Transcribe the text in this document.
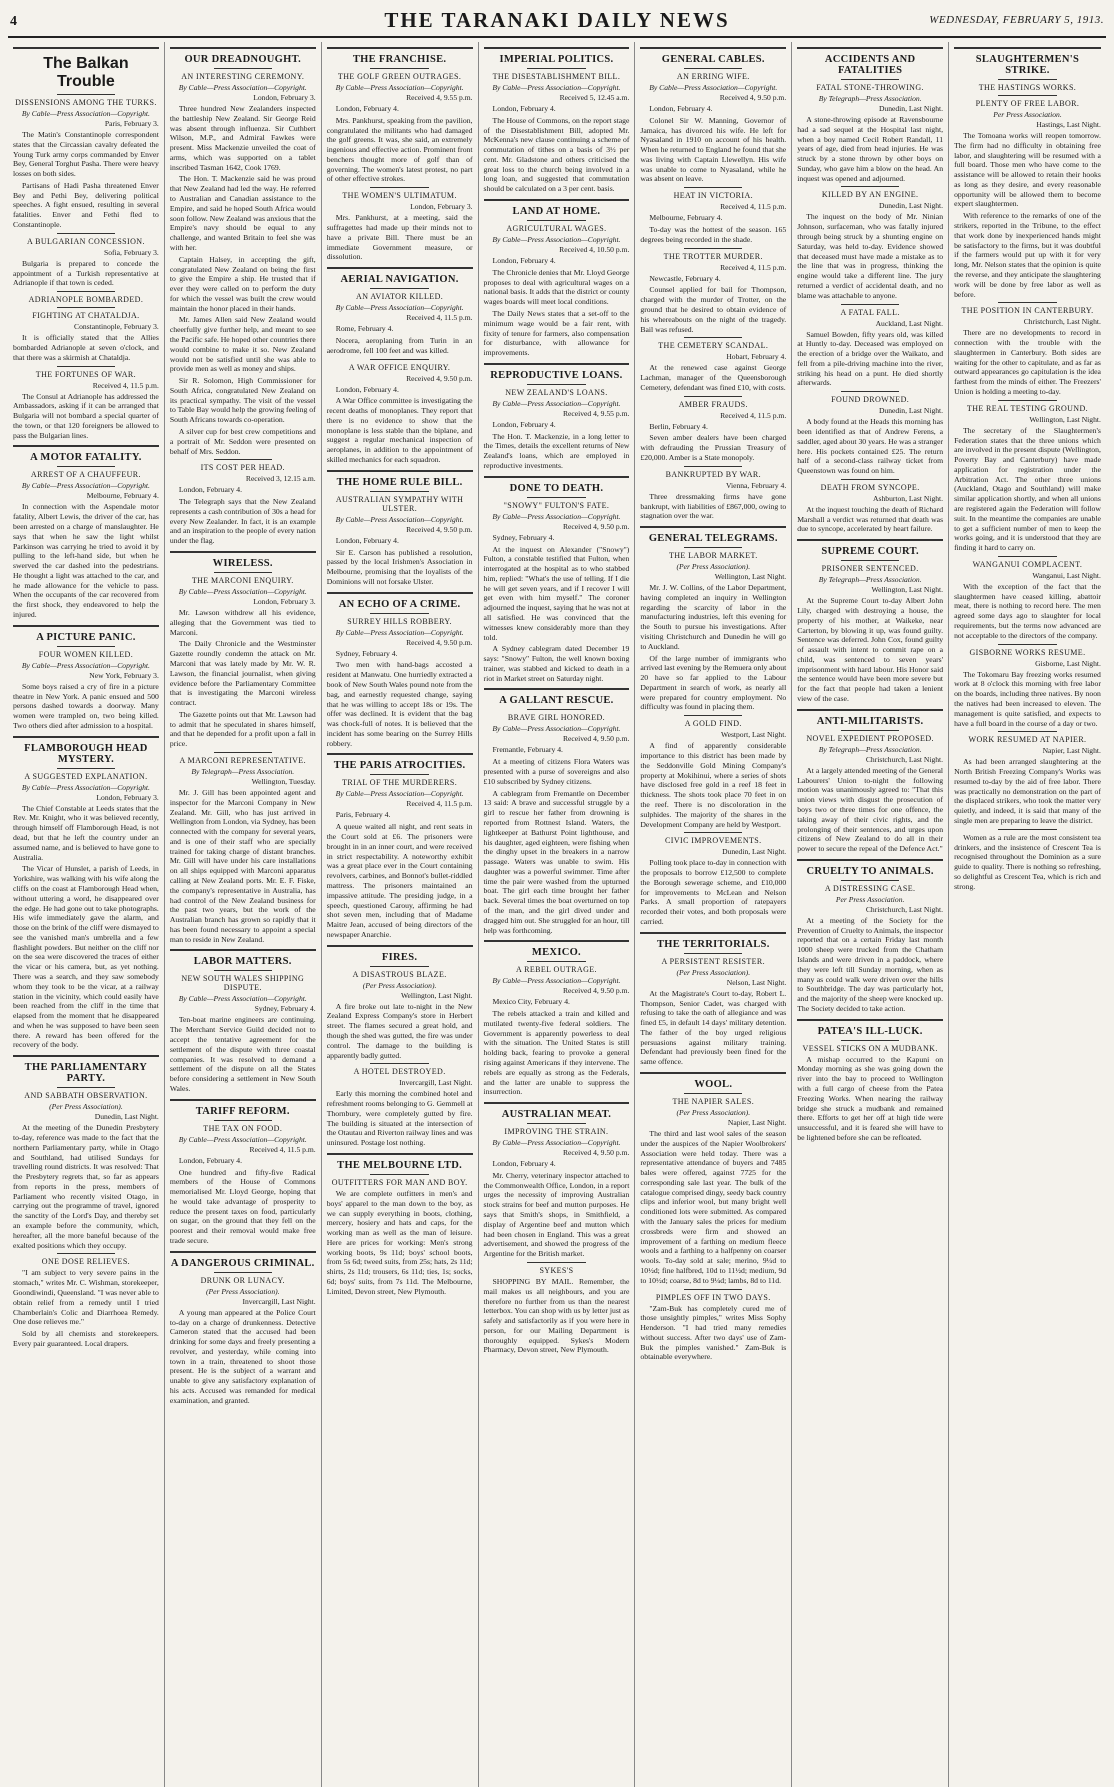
4	THE TARANAKI DAILY NEWS	WEDNESDAY, FEBRUARY 5, 1913.
The Balkan Trouble
DISSENSIONS AMONG THE TURKS.
By Cable—Press Association—Copyright.
Paris, February 3.

The Matin's Constantinople correspondent states that the Circassian cavalry defeated the Young Turk army corps commanded by Enver Bey, General Torghut Pasha. There were heavy losses on both sides.

Partisans of Hadi Pasha threatened Enver Bey and Pethi Bey, delivering political speeches. A fight ensued, resulting in several fatalities. Enver and Fethi fled to Constantinople.

A BULGARIAN CONCESSION.
Sofia, February 3.

Bulgaria is prepared to concede the appointment of a Turkish representative at Adrianople if that town is ceded.

ADRIANOPLE BOMBARDED.
FIGHTING AT CHATALDJA.
Constantinople, February 3.

It is officially stated that the Allies bombarded Adrianople at seven o'clock, and that there was a skirmish at Chataldja.

THE FORTUNES OF WAR.
Received 4, 11.5 p.m.

The Consul at Adrianople has addressed the Ambassadors, asking if it can be arranged that Bulgaria will not bombard a special quarter of the town, or that 120 foreigners be allowed to pass the Bulgarian lines.

A MOTOR FATALITY.
ARREST OF A CHAUFFEUR.
By Cable—Press Association—Copyright.
Melbourne, February 4.

In connection with the Aspendale motor fatality, Albert Lewis, the driver of the car, has been arrested on a charge of manslaughter. He says that when he saw the light whilst Parkinson was carrying he tried to avoid it by pulling to the left-hand side, but when he swerved the car dashed into the pedestrians. He thought a light was attached to the car, and he made allowance for the vehicle to pass. When the occupants of the car recovered from the first shock, they endeavored to help the injured.

A PICTURE PANIC.
FOUR WOMEN KILLED.
By Cable—Press Association—Copyright.
New York, February 3.

Some boys raised a cry of fire in a picture theatre in New York. A panic ensued and 500 persons dashed towards a doorway. Many women were trampled on, two being killed. Two others died after admission to a hospital.

FLAMBOROUGH HEAD MYSTERY.
A SUGGESTED EXPLANATION.
By Cable—Press Association—Copyright.
London, February 3.

The Chief Constable at Leeds states that the Rev. Mr. Knight, who it was believed recently, through himself off Flamborough Head, is not dead, but that he left the country under an assumed name, and is believed to have gone to Australia.

The Vicar of Hunslet, a parish of Leeds, in Yorkshire, was walking with his wife along the cliffs on the coast at Flamborough Head when, without uttering a word, he disappeared over the edge. He had gone out to take photographs. His wife immediately gave the alarm, and those on the brink of the cliff were dismayed to see the vanished man's umbrella and a few flashlight powders. But neither on the cliff nor on the sea were discovered the traces of either the vicar or his camera, but, as yet nothing. There was a search, and they saw somebody whom they took to be the vicar, at a railway station in the vicinity, which could easily have been reached from the cliff in the time that elapsed from the moment that he disappeared and when he was supposed to have been seen there. A reward has been offered for the recovery of the body.

THE PARLIAMENTARY PARTY.
AND SABBATH OBSERVATION.
(Per Press Association).
Dunedin, Last Night.

At the meeting of the Dunedin Presbytery to-day, reference was made to the fact that the northern Parliamentary party, while in Otago and Southland, had utilised Sundays for travelling round districts. It was resolved: That the Presbytery regrets that, so far as appears from reports in the press, members of Parliament who recently visited Otago, in carrying out the programme of travel, ignored the sanctity of the Lord's Day, and thereby set an example before the community, which, hereafter, all the more baneful because of the exalted positions which they occupy.

ONE DOSE RELIEVES.

"I am subject to very severe pains in the stomach," writes Mr. C. Wishman, storekeeper, Goondiwindi, Queensland. "I was never able to obtain relief from a remedy until I tried Chamberlain's Colic and Diarrhoea Remedy. One dose relieves me."

Sold by all chemists and storekeepers. Every pair guaranteed. Local drapers.

OUR DREADNOUGHT.
AN INTERESTING CEREMONY.
By Cable—Press Association—Copyright.
London, February 3.

Three hundred New Zealanders inspected the battleship New Zealand. Sir George Reid was absent through influenza. Sir Cuthbert Wilson, M.P., and Admiral Fawkes were present. Miss Mackenzie unveiled the coat of arms, which was supported on a tablet inscribed Tasman 1642, Cook 1769.

The Hon. T. Mackenzie said he was proud that New Zealand had led the way. He referred to Australian and Canadian assistance to the Empire, and said he hoped South Africa would soon follow. New Zealand was anxious that the Empire's navy should be equal to any challenge, and wanted Britain to feel she was with her.

Captain Halsey, in accepting the gift, congratulated New Zealand on being the first to give the Empire a ship. He trusted that if ever they were called on to perform the duty for which the vessel was built the crew would maintain the honor placed in their hands.

Mr. James Allen said New Zealand would cheerfully give further help, and meant to see the Pacific safe. He hoped other countries there would combine to make it so. New Zealand would not be satisfied until she was able to provide men as well as money and ships.

Sir R. Solomon, High Commissioner for South Africa, congratulated New Zealand on its practical sympathy. The visit of the vessel to Table Bay would help the growing feeling of South Africans towards co-operation.

A silver cup for best crew competitions and a portrait of Mr. Seddon were presented on behalf of Mrs. Seddon.

ITS COST PER HEAD.
Received 3, 12.15 a.m.

London, February 4.

The Telegraph says that the New Zealand represents a cash contribution of 30s a head for every New Zealander. In fact, it is an example and an inspiration to the people of every nation under the flag.

WIRELESS.
THE MARCONI ENQUIRY.
By Cable—Press Association—Copyright.
London, February 3.

Mr. Lawson withdrew all his evidence, alleging that the Government was tied to Marconi.

The Daily Chronicle and the Westminster Gazette roundly condemn the attack on Mr. Marconi that was lately made by Mr. W. R. Lawson, the financial journalist, when giving evidence before the Parliamentary Committee that is investigating the Marconi wireless contract.

The Gazette points out that Mr. Lawson had to admit that he speculated in shares himself, and that he depended for a profit upon a fall in price.

A MARCONI REPRESENTATIVE.
By Telegraph—Press Association.
Wellington, Tuesday.

Mr. J. Gill has been appointed agent and inspector for the Marconi Company in New Zealand. Mr. Gill, who has just arrived in Wellington from London, via Sydney, has been connected with the company for several years, and is one of their staff who are specially trained for taking charge of distant branches. Mr. Gill will have under his care installations on all ships equipped with Marconi apparatus calling at New Zealand ports. Mr. E. F. Fiske, the company's representative in Australia, has had control of the New Zealand business for the past two years, but the work of the Australian branch has grown so rapidly that it has been found necessary to appoint a special man to reside in New Zealand.

LABOR MATTERS.
NEW SOUTH WALES SHIPPING DISPUTE.
By Cable—Press Association—Copyright.
Sydney, February 4.

Ten-boat marine engineers are continuing. The Merchant Service Guild decided not to accept the tentative agreement for the settlement of the dispute with three coastal companies. It was resolved to demand a settlement of the dispute on all the States before considering a settlement in New South Wales.

TARIFF REFORM.
THE TAX ON FOOD.
By Cable—Press Association—Copyright.
Received 4, 11.5 p.m.

London, February 4.

One hundred and fifty-five Radical members of the House of Commons memorialised Mr. Lloyd George, hoping that he would take advantage of prosperity to reduce the present taxes on food, particularly on sugar, on the ground that they fell on the poorest and their removal would make free trade secure.

A DANGEROUS CRIMINAL.
DRUNK OR LUNACY.
(Per Press Association).
Invercargill, Last Night.

A young man appeared at the Police Court to-day on a charge of drunkenness. Detective Cameron stated that the accused had been drinking for some days and freely presenting a revolver, and yesterday, while coming into town in a train, threatened to shoot those present. He is the subject of a warrant and unable to give any satisfactory explanation of his acts. Accused was remanded for medical examination, and granted.

THE FRANCHISE.
THE GOLF GREEN OUTRAGES.
By Cable—Press Association—Copyright.
Received 4, 9.55 p.m.

London, February 4.

Mrs. Pankhurst, speaking from the pavilion, congratulated the militants who had damaged the golf greens. It was, she said, an extremely ingenious and effective action. Prominent front benchers thought more of golf than of governing. The women's latest protest, no part of other effective strokes.

THE WOMEN'S ULTIMATUM.
London, February 3.

Mrs. Pankhurst, at a meeting, said the suffragettes had made up their minds not to have a private Bill. There must be an immediate Government measure, or dissolution.

AERIAL NAVIGATION.
AN AVIATOR KILLED.
By Cable—Press Association—Copyright.
Received 4, 11.5 p.m.

Rome, February 4.

Nocera, aeroplaning from Turin in an aerodrome, fell 100 feet and was killed.

A WAR OFFICE ENQUIRY.
Received 4, 9.50 p.m.

London, February 4.

A War Office committee is investigating the recent deaths of monoplanes. They report that there is no evidence to show that the monoplane is less stable than the biplane, and suggest a regular mechanical inspection of aeroplanes, in addition to the appointment of skilled mechanics for each squadron.

THE HOME RULE BILL.
AUSTRALIAN SYMPATHY WITH ULSTER.
By Cable—Press Association—Copyright.
Received 4, 9.50 p.m.

London, February 4.

Sir E. Carson has published a resolution, passed by the local Irishmen's Association in Melbourne, promising that the loyalists of the Dominions will not forsake Ulster.

AN ECHO OF A CRIME.
SURREY HILLS ROBBERY.
By Cable—Press Association—Copyright.
Received 4, 9.50 p.m.

Sydney, February 4.

Two men with hand-bags accosted a resident at Manwatu. One hurriedly extracted a book of New South Wales pound note from the bag, and earnestly requested change, saying that he was willing to accept 18s or 19s. The offer was declined. It is evident that the bag was chock-full of notes. It is believed that the incident has some bearing on the Surrey Hills robbery.

THE PARIS ATROCITIES.
TRIAL OF THE MURDERERS.
By Cable—Press Association—Copyright.
Received 4, 11.5 p.m.

Paris, February 4.

A queue waited all night, and rent seats in the Court sold at £6. The prisoners were brought in in an inner court, and were received in strict respectability. A noteworthy exhibit was a great place ever in the Court containing revolvers, carbines, and Bonnot's bullet-riddled mattress. The prisoners maintained an impassive attitude. The presiding judge, in a speech, questioned Carouy, affirming he had shot seven men, including that of Madame Maitre Jean, accused of being directors of the newspaper Anarchie.

FIRES.
A DISASTROUS BLAZE.
(Per Press Association).
Wellington, Last Night.

A fire broke out late to-night in the New Zealand Express Company's store in Herbert street. The flames secured a great hold, and though the shed was gutted, the fire was under control. The damage to the building is apparently badly gutted.

A HOTEL DESTROYED.
Invercargill, Last Night.

Early this morning the combined hotel and refreshment rooms belonging to G. Gemmell at Thornbury, were completely gutted by fire. The building is situated at the intersection of the Otautau and Riverton railway lines and was uninsured. Postage lost nothing.

THE MELBOURNE LTD.
OUTFITTERS FOR MAN AND BOY.

We are complete outfitters in men's and boys' apparel to the man down to the boy, as we can supply everything in boots, clothing, mercery, hosiery and hats and caps, for the working man as well as the man of leisure. Here are prices for working: Men's strong working boots, 9s 11d; boys' school boots, from 5s 6d; tweed suits, from 25s; hats, 2s 11d; shirts, 2s 11d; trousers, 6s 11d; ties, 1s; socks, 6d; boys' suits, from 7s 11d. The Melbourne, Limited, Devon street, New Plymouth.

IMPERIAL POLITICS.
THE DISESTABLISHMENT BILL.
By Cable—Press Association—Copyright.
Received 5, 12.45 a.m.

London, February 4.

The House of Commons, on the report stage of the Disestablishment Bill, adopted Mr. McKenna's new clause continuing a scheme of commutation of tithes on a basis of 3½ per cent. Mr. Gladstone and others criticised the great loss to the church being involved in a long loan, and suggested that commutation should be calculated on a 3 per cent. basis.

LAND AT HOME.
AGRICULTURAL WAGES.
By Cable—Press Association—Copyright.
Received 4, 10.50 p.m.

London, February 4.

The Chronicle denies that Mr. Lloyd George proposes to deal with agricultural wages on a national basis. It adds that the district or county wages boards will meet local conditions.

The Daily News states that a set-off to the minimum wage would be a fair rent, with fixity of tenure for farmers, also compensation for disturbance, with allowance for improvements.

REPRODUCTIVE LOANS.
NEW ZEALAND'S LOANS.
By Cable—Press Association—Copyright.
Received 4, 9.55 p.m.

London, February 4.

The Hon. T. Mackenzie, in a long letter to the Times, details the excellent returns of New Zealand's loans, which are employed in reproductive investments.

DONE TO DEATH.
"SNOWY" FULTON'S FATE.
By Cable—Press Association—Copyright.
Received 4, 9.50 p.m.

Sydney, February 4.

At the inquest on Alexander ("Snowy") Fulton, a constable testified that Fulton, when interrogated at the hospital as to who stabbed him, replied: "What's the use of telling. If I die he will get seven years, and if I recover I will get even with him myself." The coroner adjourned the inquest, saying that he was not at all satisfied. He was convinced that the witnesses knew considerably more than they told.

A Sydney cablegram dated December 19 says: "Snowy" Fulton, the well known boxing trainer, was stabbed and kicked to death in a riot in Market street on Saturday night.

A GALLANT RESCUE.
BRAVE GIRL HONORED.
By Cable—Press Association—Copyright.
Received 4, 9.50 p.m.

Fremantle, February 4.

At a meeting of citizens Flora Waters was presented with a purse of sovereigns and also £10 subscribed by Sydney citizens.

A cablegram from Fremantle on December 13 said: A brave and successful struggle by a girl to rescue her father from drowning is reported from Rottnest Island. Waters, the lightkeeper at Bathurst Point lighthouse, and his daughter, aged eighteen, were fishing when the dinghy upset in the breakers in a narrow passage. Waters was unable to swim. His daughter was a powerful swimmer. Time after time the pair were washed from the upturned boat. The girl each time brought her father back. Several times the boat overturned on top of the man, and the girl dived under and dragged him out. She struggled for an hour, till help was forthcoming.

MEXICO.
A REBEL OUTRAGE.
By Cable—Press Association—Copyright.
Received 4, 9.50 p.m.

Mexico City, February 4.

The rebels attacked a train and killed and mutilated twenty-five federal soldiers. The Government is apparently powerless to deal with the situation. The United States is still holding back, fearing to provoke a general rising against Americans if they intervene. The rebels are equally as strong as the Federals, and the latter are unable to suppress the insurrection.

AUSTRALIAN MEAT.
IMPROVING THE STRAIN.
By Cable—Press Association—Copyright.
Received 4, 9.50 p.m.

London, February 4.

Mr. Cherry, veterinary inspector attached to the Commonwealth Office, London, in a report urges the necessity of improving Australian stock strains for beef and mutton purposes. He says that Smith's shops, in Smithfield, a display of Argentine beef and mutton which had been chosen in England. This was a great advertisement, and showed the progress of the Argentine for the British market.

SYKES'S

SHOPPING BY MAIL. Remember, the mail makes us all neighbours, and you are therefore no further from us than the nearest letterbox. You can shop with us by letter just as safely and satisfactorily as if you were here in person, for our Mailing Department is thoroughly equipped. Sykes's Modern Pharmacy, Devon street, New Plymouth.

GENERAL CABLES.
AN ERRING WIFE.
By Cable—Press Association—Copyright.
Received 4, 9.50 p.m.

London, February 4.

Colonel Sir W. Manning, Governor of Jamaica, has divorced his wife. He left for Nyasaland in 1910 on account of his health. When he returned to England he found that she was living with Captain Llewellyn. His wife was unable to come to Nyasaland, while he was absent on leave.

HEAT IN VICTORIA.
Received 4, 11.5 p.m.

Melbourne, February 4.

To-day was the hottest of the season. 165 degrees being recorded in the shade.

THE TROTTER MURDER.
Received 4, 11.5 p.m.

Newcastle, February 4.

Counsel applied for bail for Thompson, charged with the murder of Trotter, on the ground that he desired to obtain evidence of his whereabouts on the night of the tragedy. Bail was refused.

THE CEMETERY SCANDAL.
Hobart, February 4.

At the renewed case against George Lachman, manager of the Queensborough Cemetery, defendant was fined £10, with costs.

AMBER FRAUDS.
Received 4, 11.5 p.m.

Berlin, February 4.

Seven amber dealers have been charged with defrauding the Prussian Treasury of £20,000. Amber is a State monopoly.

BANKRUPTED BY WAR.
Vienna, February 4.

Three dressmaking firms have gone bankrupt, with liabilities of £867,000, owing to stagnation over the war.

GENERAL TELEGRAMS.
THE LABOR MARKET.
(Per Press Association).
Wellington, Last Night.

Mr. J. W. Collins, of the Labor Department, having completed an inquiry in Wellington regarding the scarcity of labor in the manufacturing industries, left this evening for the South to pursue his investigations. After visiting Christchurch and Dunedin he will go to Auckland.

Of the large number of immigrants who arrived last evening by the Remuera only about 20 have so far applied to the Labour Department in search of work, as nearly all were prepared for country employment. No difficulty was found in placing them.

A GOLD FIND.
Westport, Last Night.

A find of apparently considerable importance to this district has been made by the Seddonville Gold Mining Company's property at Mokihinui, where a series of shots have disclosed free gold in a reef 18 feet in thickness. The shots took place 70 feet in on the reef. There is no discoloration in the sulphides. The majority of the shares in the Development Company are held by Westport.

CIVIC IMPROVEMENTS.
Dunedin, Last Night.

Polling took place to-day in connection with the proposals to borrow £12,500 to complete the Borough sewerage scheme, and £10,000 for improvements to McLean and Nelson Parks. A small proportion of ratepayers recorded their votes, and both proposals were carried.

THE TERRITORIALS.
A PERSISTENT RESISTER.
(Per Press Association).
Nelson, Last Night.

At the Magistrate's Court to-day, Robert L. Thompson, Senior Cadet, was charged with refusing to take the oath of allegiance and was fined £5, in default 14 days' military detention. The father of the boy urged religious persuasions against military training. Defendant had previously been fined for the same offence.

WOOL.
THE NAPIER SALES.
(Per Press Association).
Napier, Last Night.

The third and last wool sales of the season under the auspices of the Napier Woolbrokers' Association were held today. There was a representative attendance of buyers and 7485 bales were offered, against 7725 for the corresponding sale last year. The bulk of the catalogue comprised dingy, seedy back country clips and inferior wool, but many bright well conditioned lots were submitted. As compared with the January sales the prices for medium crossbreds were firm and showed an improvement of a farthing on medium fleece wools and a farthing to a halfpenny on coarser wools. To-day sold at sale; merino, 9¼d to 10½d; fine halfbred, 10d to 11½d; medium, 9d to 10½d; coarse, 8d to 9¼d; lambs, 8d to 11d.

PIMPLES OFF IN TWO DAYS.

"Zam-Buk has completely cured me of those unsightly pimples," writes Miss Sophy Henderson. "I had tried many remedies without success. After two days' use of Zam-Buk the pimples vanished." Zam-Buk is obtainable everywhere.

ACCIDENTS AND FATALITIES
FATAL STONE-THROWING.
By Telegraph—Press Association.
Dunedin, Last Night.

A stone-throwing episode at Ravensbourne had a sad sequel at the Hospital last night, when a boy named Cecil Robert Randall, 11 years of age, died from head injuries. He was struck by a stone thrown by other boys on Sunday, who gave him a blow on the head. An inquest was opened and adjourned.

KILLED BY AN ENGINE.
Dunedin, Last Night.

The inquest on the body of Mr. Ninian Johnson, surfaceman, who was fatally injured through being struck by a shunting engine on Saturday, was held to-day. Evidence showed that deceased must have made a mistake as to the line that was in progress, thinking the engine would take a different line. The jury returned a verdict of accidental death, and no blame was attachable to anyone.

A FATAL FALL.
Auckland, Last Night.

Samuel Bowden, fifty years old, was killed at Huntly to-day. Deceased was employed on the erection of a bridge over the Waikato, and fell from a pile-driving machine into the river, striking his head on a punt. He died shortly afterwards.

FOUND DROWNED.
Dunedin, Last Night.

A body found at the Heads this morning has been identified as that of Andrew Ferens, a saddler, aged about 30 years. He was a stranger here. His pockets contained £25. The return half of a second-class railway ticket from Queenstown was found on him.

DEATH FROM SYNCOPE.
Ashburton, Last Night.

At the inquest touching the death of Richard Marshall a verdict was returned that death was due to syncope, accelerated by heart failure.

SUPREME COURT.
PRISONER SENTENCED.
By Telegraph—Press Association.
Wellington, Last Night.

At the Supreme Court to-day Albert John Lily, charged with destroying a house, the property of his mother, at Waikeke, near Carterton, by blowing it up, was found guilty. Sentence was deferred. John Cox, found guilty of assault with intent to commit rape on a child, was sentenced to seven years' imprisonment with hard labour. His Honor said the sentence would have been more severe but for the fact that people had taken a lenient view of the case.

ANTI-MILITARISTS.
NOVEL EXPEDIENT PROPOSED.
By Telegraph—Press Association.
Christchurch, Last Night.

At a largely attended meeting of the General Labourers' Union to-night the following motion was unanimously agreed to: "That this union views with disgust the prosecution of boys two or three times for one offence, the taking away of their civic rights, and the prolonging of their sentences, and urges upon citizens of New Zealand to do all in their power to secure the repeal of the Defence Act."

CRUELTY TO ANIMALS.
A DISTRESSING CASE.
Per Press Association.
Christchurch, Last Night.

At a meeting of the Society for the Prevention of Cruelty to Animals, the inspector reported that on a certain Friday last month 1000 sheep were trucked from the Chatham Islands and were driven in a paddock, where they were left till Sunday morning, when as many as could walk were driven over the hills to Southbridge. The day was particularly hot, and the majority of the sheep were knocked up. The Society decided to take action.

PATEA'S ILL-LUCK.
VESSEL STICKS ON A MUDBANK.

A mishap occurred to the Kapuni on Monday morning as she was going down the river into the bay to proceed to Wellington with a full cargo of cheese from the Patea Freezing Works. When nearing the railway bridge she struck a mudbank and remained there. Efforts to get her off at high tide were unsuccessful, and it is feared she will have to be lightened before she can be refloated.

SLAUGHTERMEN'S STRIKE.
THE HASTINGS WORKS.
PLENTY OF FREE LABOR.
Per Press Association.
Hastings, Last Night.

The Tomoana works will reopen tomorrow. The firm had no difficulty in obtaining free labor, and slaughtering will be resumed with a full board. Those men who have come to the assistance will be allowed to retain their hooks as long as they desire, and every reasonable opportunity will be allowed them to become expert slaughtermen.

With reference to the remarks of one of the strikers, reported in the Tribune, to the effect that work done by inexperienced hands might be satisfactory to the firms, but it was doubtful if the farmers would put up with it for very long, Mr. Nelson states that the opinion is quite the reverse, and they anticipate the slaughtering work will be done by free labor as well as before.

THE POSITION IN CANTERBURY.
Christchurch, Last Night.

There are no developments to record in connection with the trouble with the slaughtermen in Canterbury. Both sides are waiting for the other to capitulate, and as far as outward appearances go capitulation is the idea farthest from the minds of either. The Freezers' Union is holding a meeting to-day.

THE REAL TESTING GROUND.
Wellington, Last Night.

The secretary of the Slaughtermen's Federation states that the three unions which are involved in the present dispute (Wellington, Poverty Bay and Canterbury) have made application for registration under the Arbitration Act. The other three unions (Auckland, Otago and Southland) will make similar application shortly, and when all unions are registered again the Federation will follow suit. In the meantime the companies are unable to get a sufficient number of men to keep the works going, and it is understood that they are finding it hard to carry on.

WANGANUI COMPLACENT.
Wanganui, Last Night.

With the exception of the fact that the slaughtermen have ceased killing, abattoir meat, there is nothing to record here. The men agreed some days ago to slaughter for local requirements, but the terms now advanced are not acceptable to the directors of the company.

GISBORNE WORKS RESUME.
Gisborne, Last Night.

The Tokomaru Bay freezing works resumed work at 8 o'clock this morning with free labor on the boards, including three natives. By noon the natives had been increased to eleven. The management is quite satisfied, and expects to have a full board in the course of a day or two.

WORK RESUMED AT NAPIER.
Napier, Last Night.

As had been arranged slaughtering at the North British Freezing Company's Works was resumed to-day by the aid of free labor. There was practically no demonstration on the part of the displaced strikers, who took the matter very quietly, and indeed, it is said that many of the single men are preparing to leave the district.

Women as a rule are the most consistent tea drinkers, and the insistence of Crescent Tea is recognised throughout the Dominion as a sure guide to quality. There is nothing so refreshing, so delightful as Crescent Tea, which is rich and strong.
